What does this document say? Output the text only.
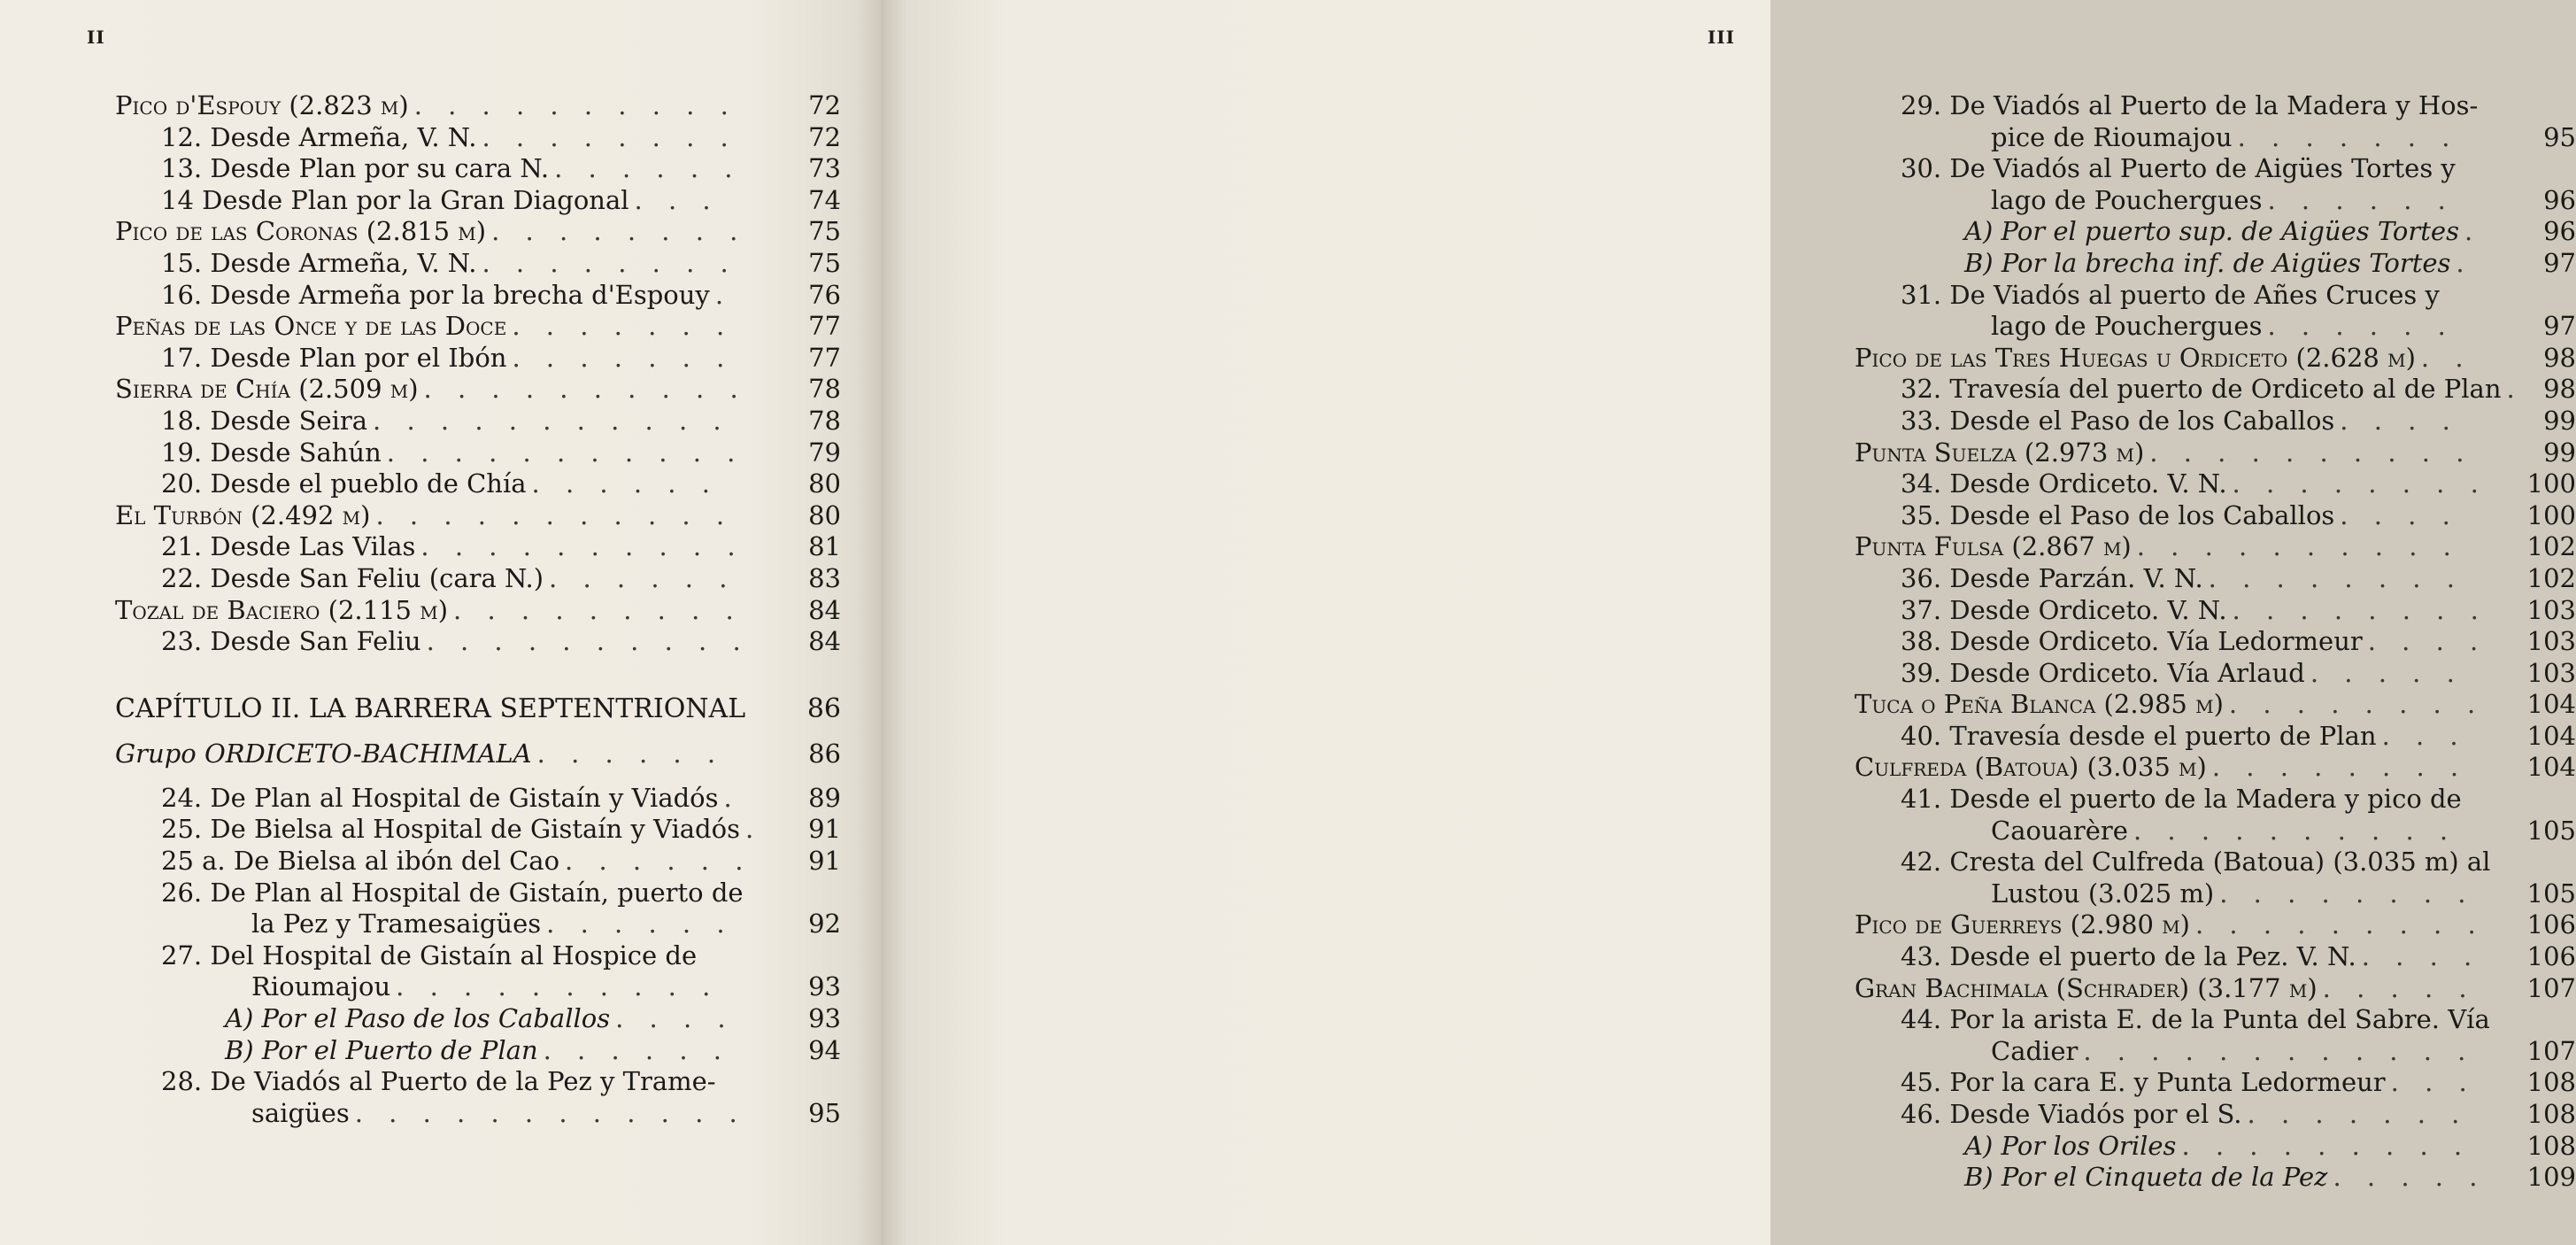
II
Pico d'Espouy (2.823 m) . . . . . . . . . .	72
12. Desde Armeña, V. N. . . . . . . . .	72
13. Desde Plan por su cara N. . . . . . .	73
14 Desde Plan por la Gran Diagonal . . .	74
Pico de las Coronas (2.815 m) . . . . . . . .	75
15. Desde Armeña, V. N. . . . . . . . .	75
16. Desde Armeña por la brecha d'Espouy .	76
Peñas de las Once y de las Doce . . . . . . .	77
17. Desde Plan por el Ibón . . . . . . .	77
Sierra de Chía (2.509 m) . . . . . . . . . .	78
18. Desde Seira . . . . . . . . . . .	78
19. Desde Sahún . . . . . . . . . . .	79
20. Desde el pueblo de Chía . . . . . .	80
El Turbón (2.492 m) . . . . . . . . . . .	80
21. Desde Las Vilas . . . . . . . . . .	81
22. Desde San Feliu (cara N.) . . . . . .	83
Tozal de Baciero (2.115 m) . . . . . . . . .	84
23. Desde San Feliu . . . . . . . . . .	84
CAPÍTULO II. LA BARRERA SEPTENTRIONAL	86
Grupo ORDICETO-BACHIMALA . . . . . .	86
24. De Plan al Hospital de Gistaín y Viadós .	89
25. De Bielsa al Hospital de Gistaín y Viadós .	91
25 a. De Bielsa al ibón del Cao . . . . . .	91
26. De Plan al Hospital de Gistaín, puerto de
la Pez y Tramesaigües . . . . . .	92
27. Del Hospital de Gistaín al Hospice de
Rioumajou . . . . . . . . . .	93
A) Por el Paso de los Caballos . . . .	93
B) Por el Puerto de Plan . . . . . .	94
28. De Viadós al Puerto de la Pez y Trame-
saigües . . . . . . . . . . . .	95
III
29. De Viadós al Puerto de la Madera y Hos-
pice de Rioumajou . . . . . . .	95
30. De Viadós al Puerto de Aigües Tortes y
lago de Pouchergues . . . . . .	96
A) Por el puerto sup. de Aigües Tortes .	96
B) Por la brecha inf. de Aigües Tortes .	97
31. De Viadós al puerto de Añes Cruces y
lago de Pouchergues . . . . . .	97
Pico de las Tres Huegas u Ordiceto (2.628 m) . .	98
32. Travesía del puerto de Ordiceto al de Plan . 98
33. Desde el Paso de los Caballos . . . .	99
Punta Suelza (2.973 m) . . . . . . . . . .	99
34. Desde Ordiceto. V. N. . . . . . . . .	100
35. Desde el Paso de los Caballos . . . .	100
Punta Fulsa (2.867 m) . . . . . . . . . .	102
36. Desde Parzán. V. N. . . . . . . . .	102
37. Desde Ordiceto. V. N. . . . . . . . .	103
38. Desde Ordiceto. Vía Ledormeur . . . .	103
39. Desde Ordiceto. Vía Arlaud . . . . .	103
Tuca o Peña Blanca (2.985 m) . . . . . . . .	104
40. Travesía desde el puerto de Plan . . .	104
Culfreda (Batoua) (3.035 m) . . . . . . . .	104
41. Desde el puerto de la Madera y pico de
Caouarère . . . . . . . . . .	105
42. Cresta del Culfreda (Batoua) (3.035 m) al
Lustou (3.025 m) . . . . . . . .	105
Pico de Guerreys (2.980 m) . . . . . . . . .	106
43. Desde el puerto de la Pez. V. N. . . . .	106
Gran Bachimala (Schrader) (3.177 m) . . . . .	107
44. Por la arista E. de la Punta del Sabre. Vía
Cadier . . . . . . . . . . . .	107
45. Por la cara E. y Punta Ledormeur . . .	108
46. Desde Viadós por el S. . . . . . . .	108
A) Por los Oriles . . . . . . . . .	108
B) Por el Cinqueta de la Pez . . . . .	109
